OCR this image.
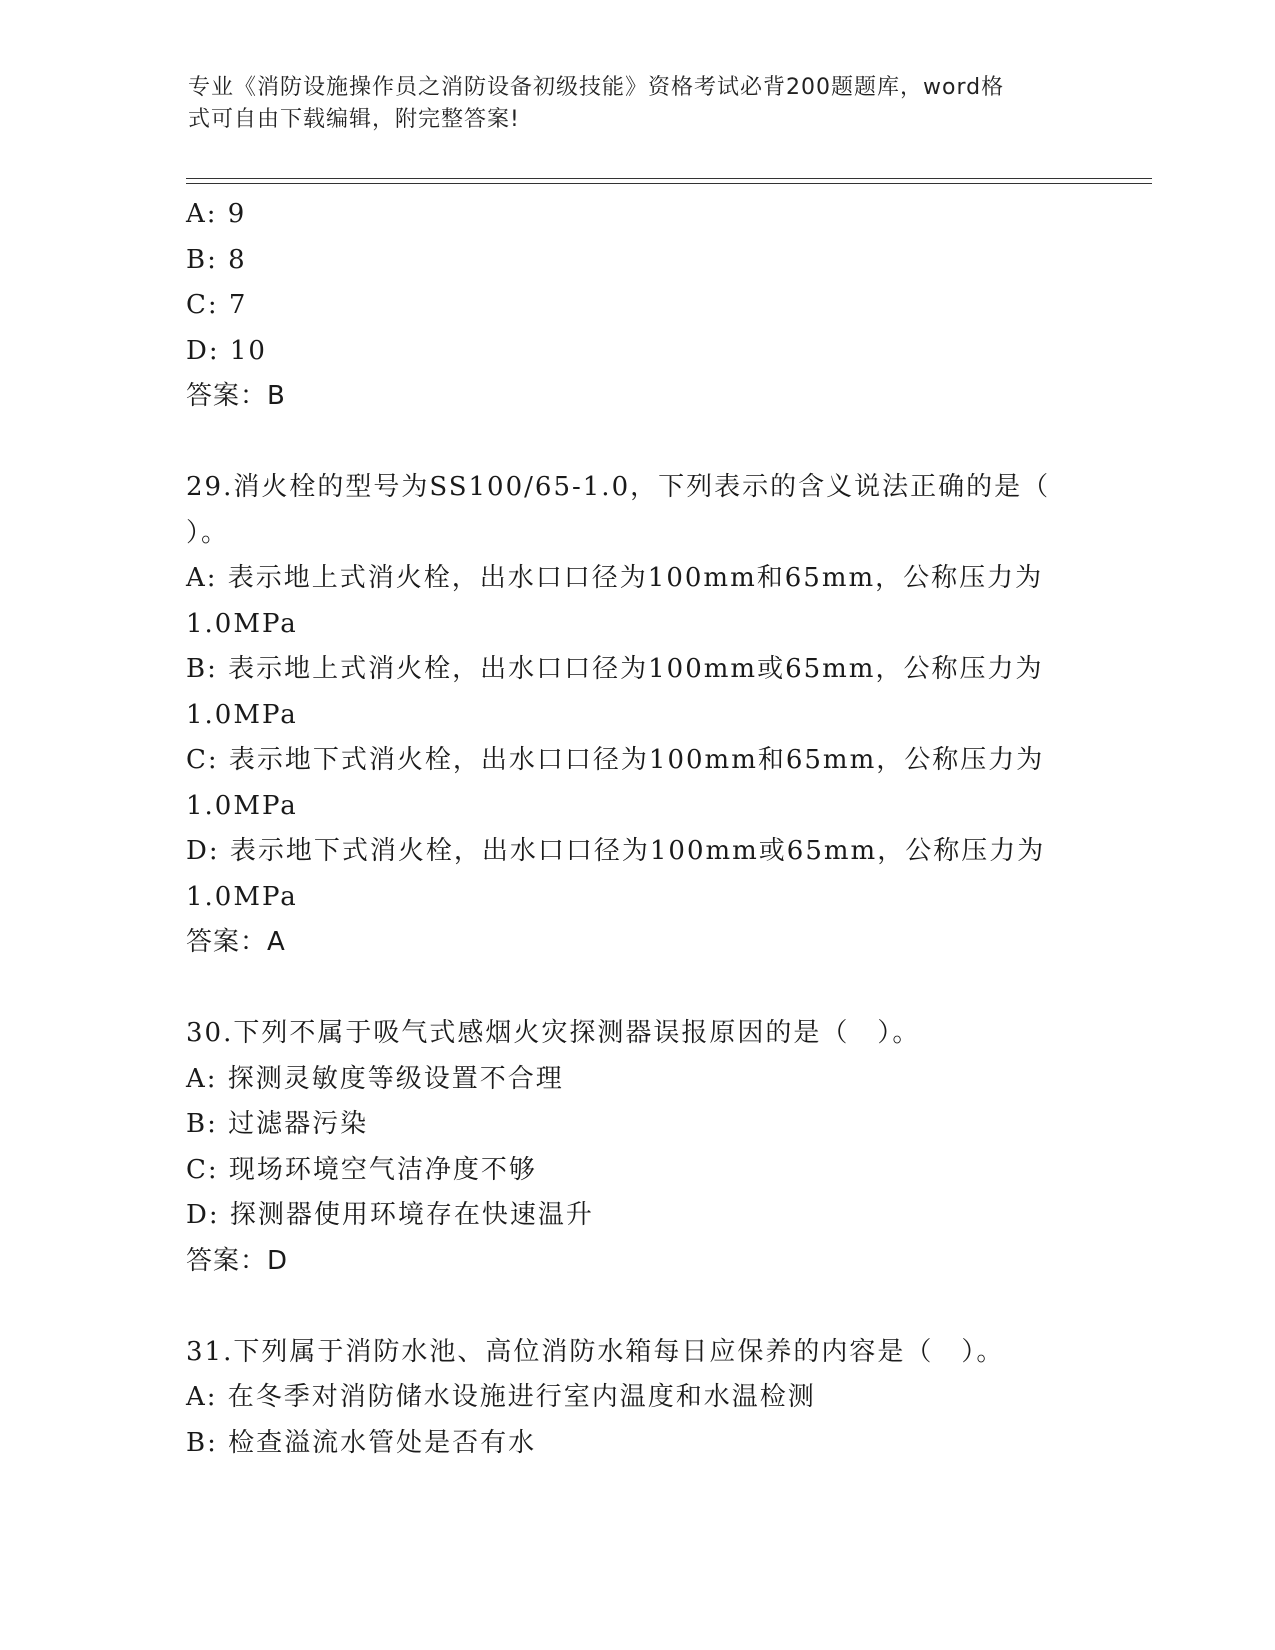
专业《消防设施操作员之消防设备初级技能》资格考试必背200题题库，word格
式可自由下载编辑，附完整答案!
A: 9
B: 8
C: 7
D: 10
答案：B
29.消火栓的型号为SS100/65-1.0，下列表示的含义说法正确的是（
）。
A: 表示地上式消火栓，出水口口径为100mm和65mm，公称压力为
1.0MPa
B: 表示地上式消火栓，出水口口径为100mm或65mm，公称压力为
1.0MPa
C: 表示地下式消火栓，出水口口径为100mm和65mm，公称压力为
1.0MPa
D: 表示地下式消火栓，出水口口径为100mm或65mm，公称压力为
1.0MPa
答案：A
30.下列不属于吸气式感烟火灾探测器误报原因的是（　）。
A: 探测灵敏度等级设置不合理
B: 过滤器污染
C: 现场环境空气洁净度不够
D: 探测器使用环境存在快速温升
答案：D
31.下列属于消防水池、高位消防水箱每日应保养的内容是（　）。
A: 在冬季对消防储水设施进行室内温度和水温检测
B: 检查溢流水管处是否有水
